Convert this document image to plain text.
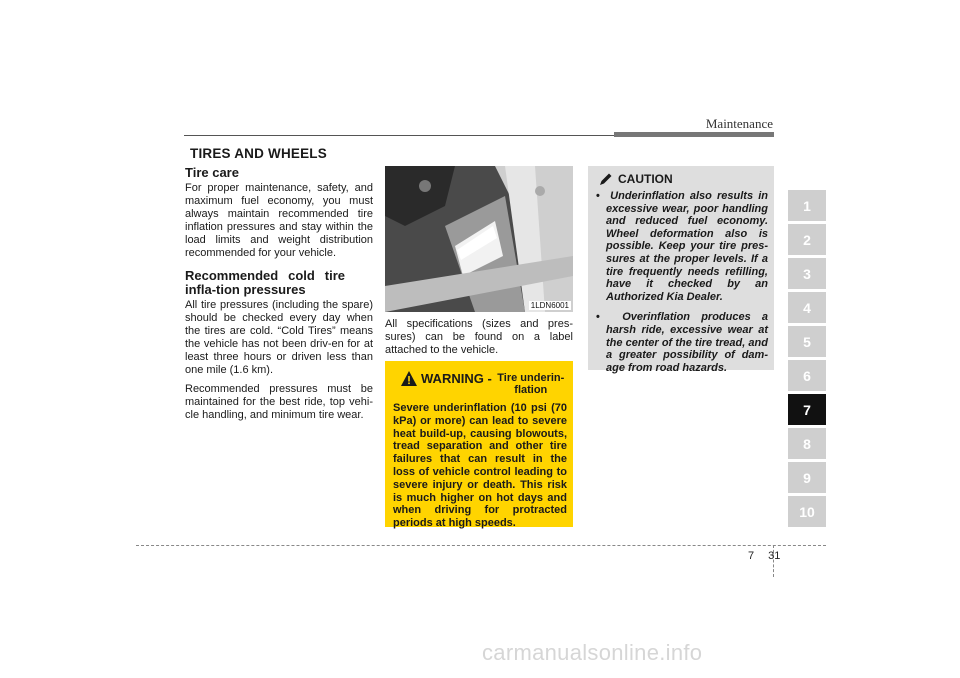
Maintenance
TIRES AND WHEELS
Tire care

For proper maintenance, safety, and maximum fuel economy, you must always maintain recommended tire inflation pressures and stay within the load limits and weight distribution recommended for your vehicle.

Recommended cold tire infla-tion pressures

All tire pressures (including the spare) should be checked every day when the tires are cold. “Cold Tires” means the vehicle has not been driv-en for at least three hours or driven less than one mile (1.6 km).

Recommended pressures must be maintained for the best ride, top vehi-cle handling, and minimum tire wear.

1LDN6001

All specifications (sizes and pres-sures) can be found on a label attached to the vehicle.

WARNING - Tire underin-flation
Severe underinflation (10 psi (70 kPa) or more) can lead to severe heat build-up, causing blowouts, tread separation and other tire failures that can result in the loss of vehicle control leading to severe injury or death. This risk is much higher on hot days and when driving for protracted periods at high speeds.
CAUTION
•  Underinflation also results in excessive wear, poor handling and reduced fuel economy. Wheel deformation also is possible. Keep your tire pres-sures at the proper levels. If a tire frequently needs refilling, have it checked by an Authorized Kia Dealer.
•  Overinflation produces a harsh ride, excessive wear at the center of the tire tread, and a greater possibility of dam-age from road hazards.
1
2
3
4
5
6
7
8
9
10
7 31
carmanualsonline.info
